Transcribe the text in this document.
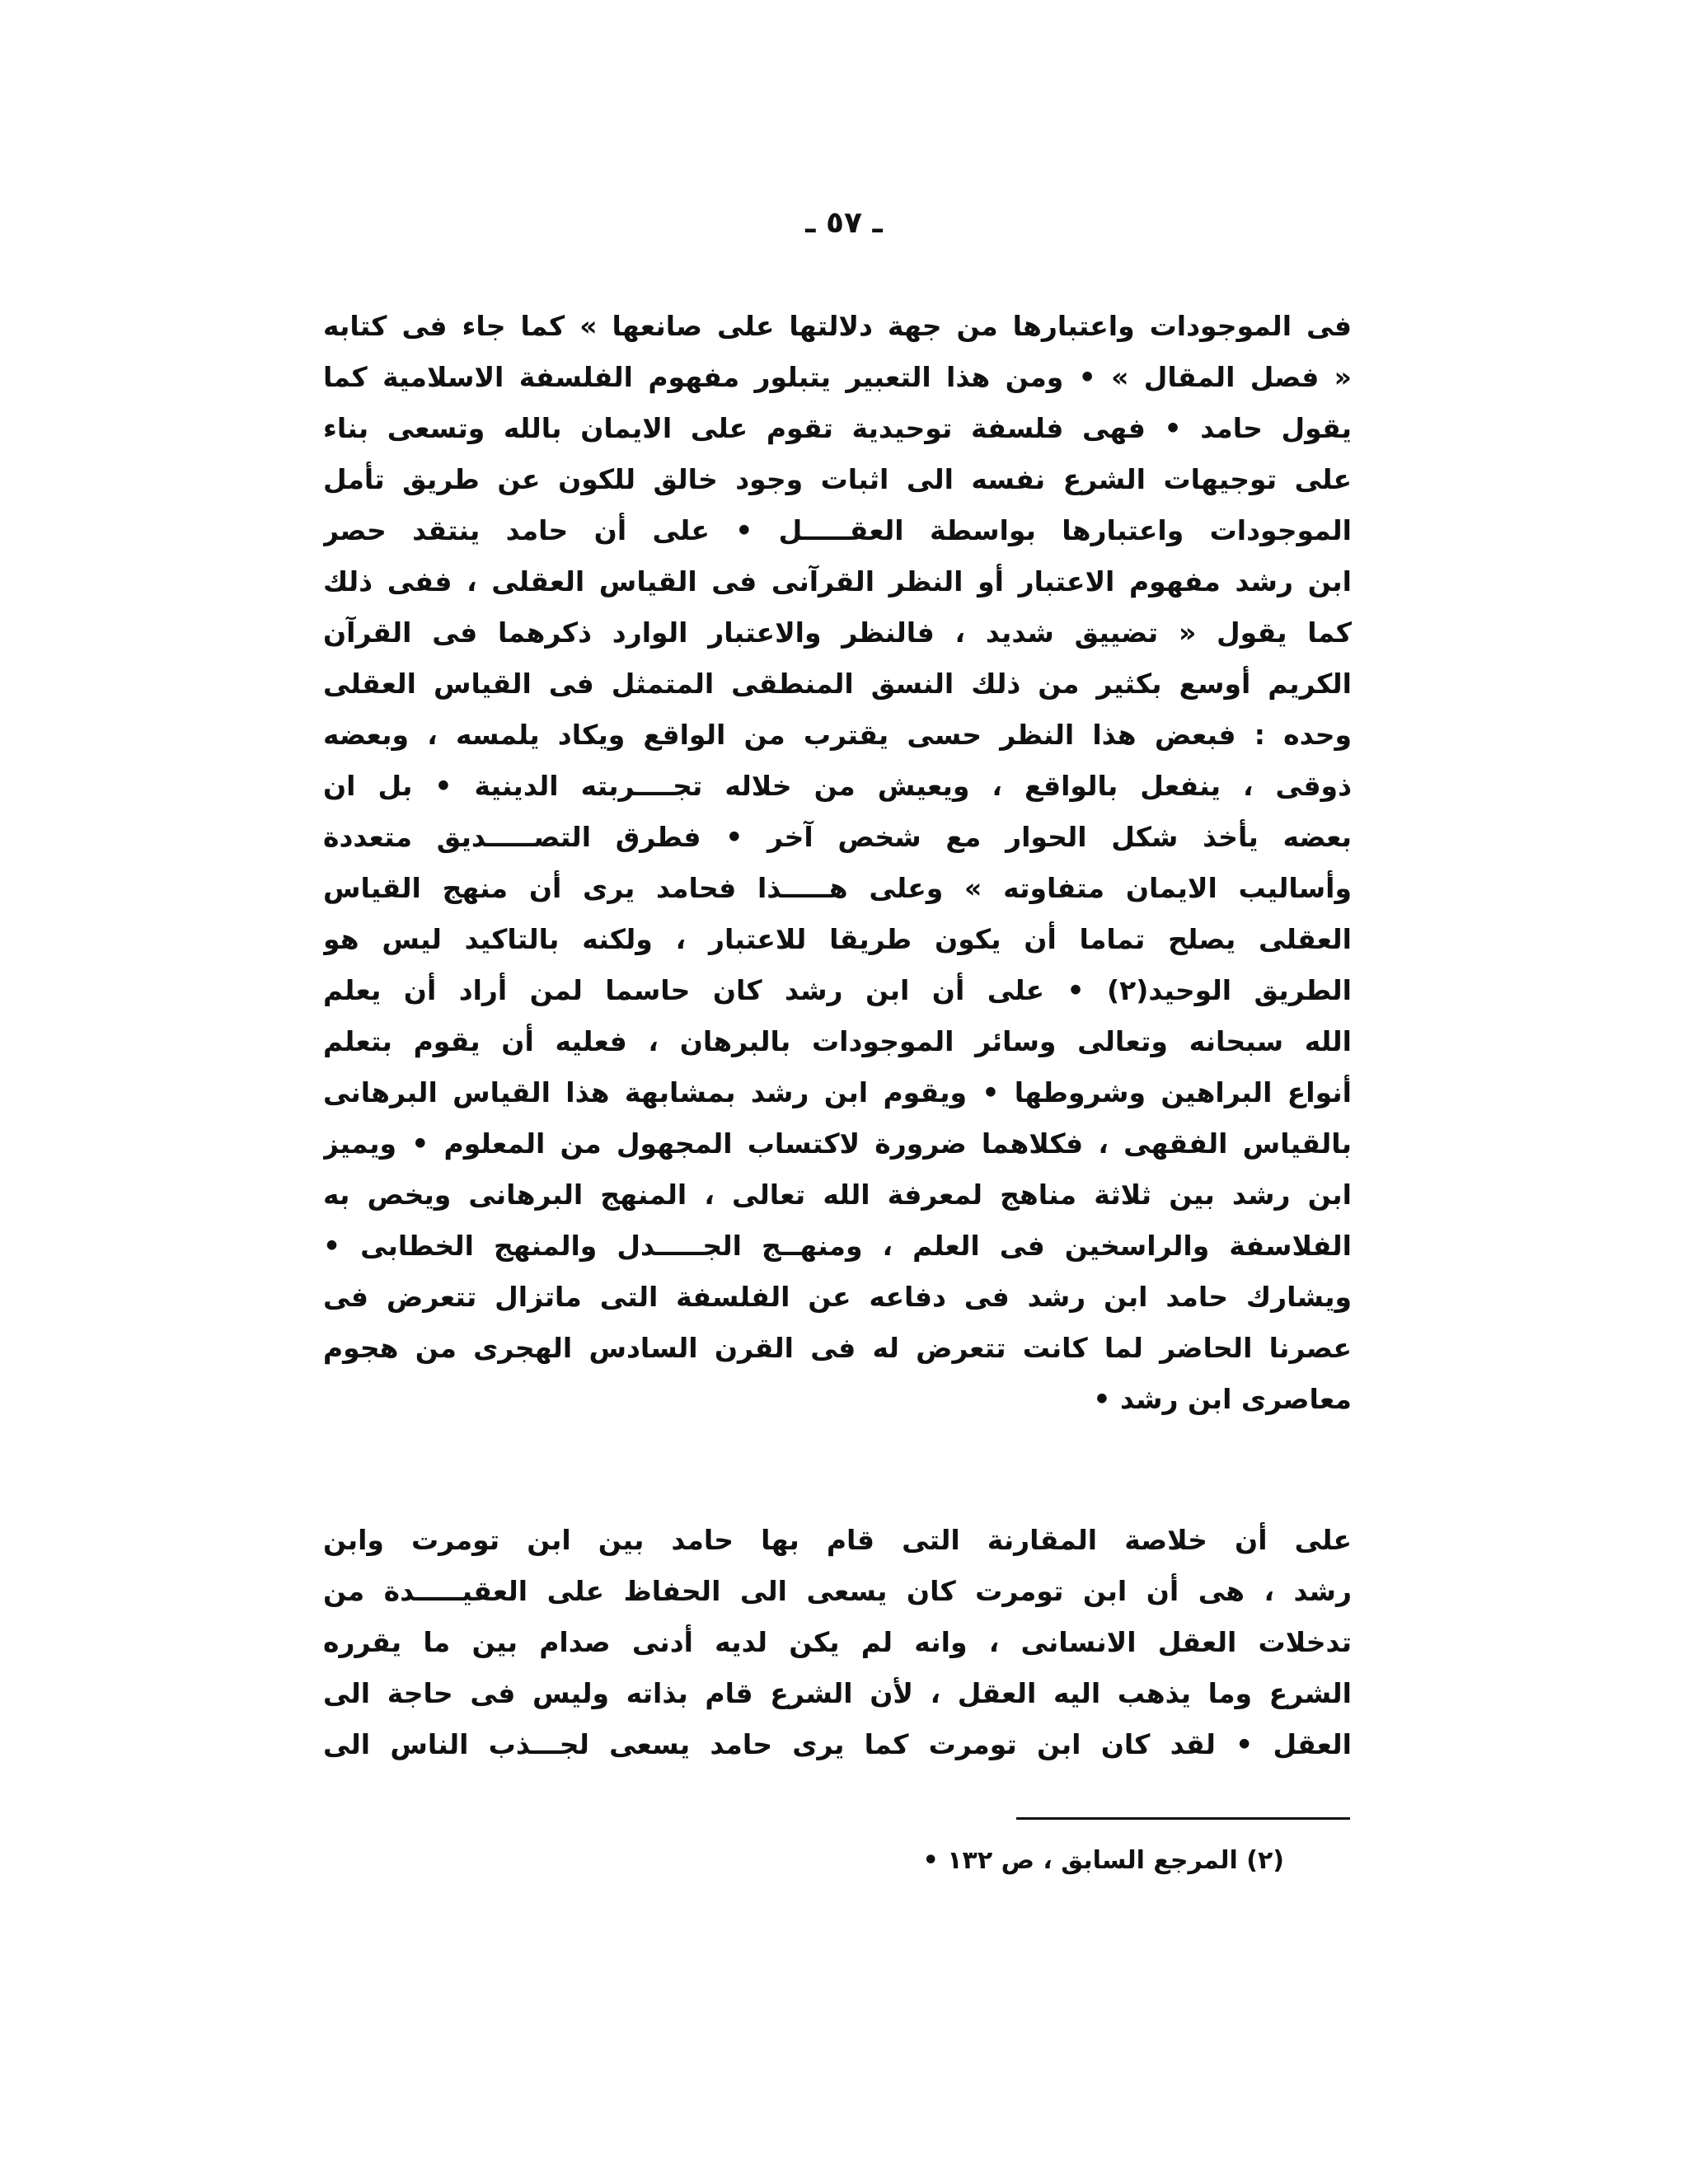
ـ ٥٧ ـ
فى الموجودات واعتبارها من جهة دلالتها على صانعها » كما جاء فى كتابه
« فصل المقال » • ومن هذا التعبير يتبلور مفهوم الفلسفة الاسلامية كما
يقول حامد • فهى فلسفة توحيدية تقوم على الايمان بالله وتسعى بناء
على توجيهات الشرع نفسه الى اثبات وجود خالق للكون عن طريق تأمل
الموجودات واعتبارها بواسطة العقـــــل • على أن حامد ينتقد حصر
ابن رشد مفهوم الاعتبار أو النظر القرآنى فى القياس العقلى ، ففى ذلك
كما يقول « تضييق شديد ، فالنظر والاعتبار الوارد ذكرهما فى القرآن
الكريم أوسع بكثير من ذلك النسق المنطقى المتمثل فى القياس العقلى
وحده : فبعض هذا النظر حسى يقترب من الواقع ويكاد يلمسه ، وبعضه
ذوقى ، ينفعل بالواقع ، ويعيش من خلاله تجــــربته الدينية • بل ان
بعضه يأخذ شكل الحوار مع شخص آخر • فطرق التصـــــديق متعددة
وأساليب الايمان متفاوته » وعلى هـــــذا فحامد يرى أن منهج القياس
العقلى يصلح تماما أن يكون طريقا للاعتبار ، ولكنه بالتاكيد ليس هو
الطريق الوحيد(٢) • على أن ابن رشد كان حاسما لمن أراد أن يعلم
الله سبحانه وتعالى وسائر الموجودات بالبرهان ، فعليه أن يقوم بتعلم
أنواع البراهين وشروطها • ويقوم ابن رشد بمشابهة هذا القياس البرهانى
بالقياس الفقهى ، فكلاهما ضرورة لاكتساب المجهول من المعلوم • ويميز
ابن رشد بين ثلاثة مناهج لمعرفة الله تعالى ، المنهج البرهانى ويخص به
الفلاسفة والراسخين فى العلم ، ومنهــج الجـــــدل والمنهج الخطابى •
ويشارك حامد ابن رشد فى دفاعه عن الفلسفة التى ماتزال تتعرض فى
عصرنا الحاضر لما كانت تتعرض له فى القرن السادس الهجرى من هجوم
معاصرى ابن رشد •
على أن خلاصة المقارنة التى قام بها حامد بين ابن تومرت وابن
رشد ، هى أن ابن تومرت كان يسعى الى الحفاظ على العقيـــــدة من
تدخلات العقل الانسانى ، وانه لم يكن لديه أدنى صدام بين ما يقرره
الشرع وما يذهب اليه العقل ، لأن الشرع قام بذاته وليس فى حاجة الى
العقل • لقد كان ابن تومرت كما يرى حامد يسعى لجـــذب الناس الى
(٢) المرجع السابق ، ص ١٣٢ •
